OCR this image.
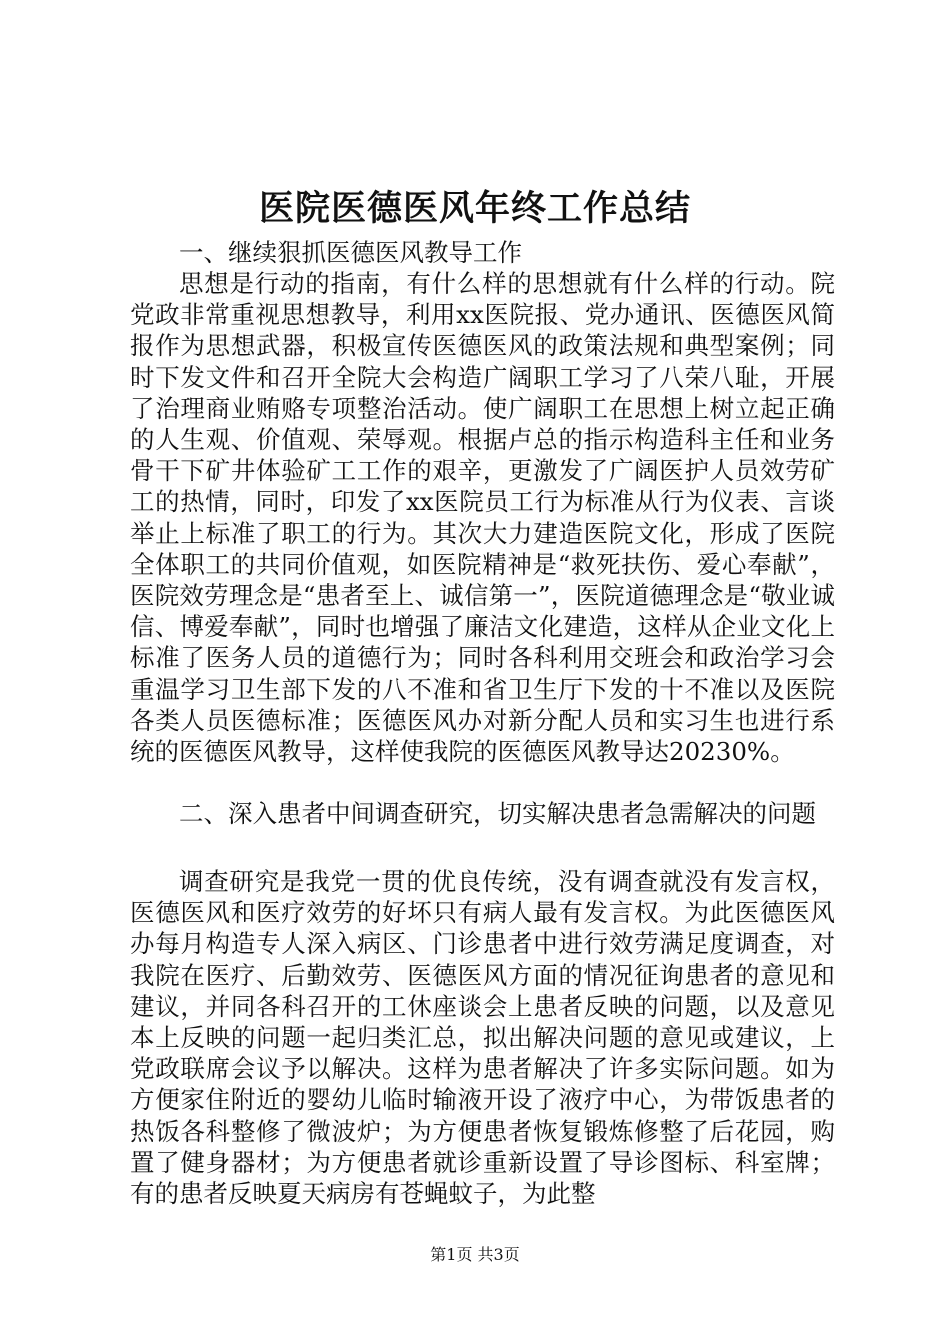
医院医德医风年终工作总结

一、继续狠抓医德医风教导工作

思想是行动的指南，有什么样的思想就有什么样的行动。院党政非常重视思想教导，利用xx医院报、党办通讯、医德医风简报作为思想武器，积极宣传医德医风的政策法规和典型案例；同时下发文件和召开全院大会构造广阔职工学习了八荣八耻，开展了治理商业贿赂专项整治活动。使广阔职工在思想上树立起正确的人生观、价值观、荣辱观。根据卢总的指示构造科主任和业务骨干下矿井体验矿工工作的艰辛，更激发了广阔医护人员效劳矿工的热情，同时，印发了xx医院员工行为标准从行为仪表、言谈举止上标准了职工的行为。其次大力建造医院文化，形成了医院全体职工的共同价值观，如医院精神是“救死扶伤、爱心奉献”，医院效劳理念是“患者至上、诚信第一”，医院道德理念是“敬业诚信、博爱奉献”，同时也增强了廉洁文化建造，这样从企业文化上标准了医务人员的道德行为；同时各科利用交班会和政治学习会重温学习卫生部下发的八不准和省卫生厅下发的十不准以及医院各类人员医德标准；医德医风办对新分配人员和实习生也进行系统的医德医风教导，这样使我院的医德医风教导达20230%。

二、深入患者中间调查研究，切实解决患者急需解决的问题

调查研究是我党一贯的优良传统，没有调查就没有发言权，医德医风和医疗效劳的好坏只有病人最有发言权。为此医德医风办每月构造专人深入病区、门诊患者中进行效劳满足度调查，对我院在医疗、后勤效劳、医德医风方面的情况征询患者的意见和建议，并同各科召开的工休座谈会上患者反映的问题，以及意见本上反映的问题一起归类汇总，拟出解决问题的意见或建议，上党政联席会议予以解决。这样为患者解决了许多实际问题。如为方便家住附近的婴幼儿临时输液开设了液疗中心，为带饭患者的热饭各科整修了微波炉；为方便患者恢复锻炼修整了后花园，购置了健身器材；为方便患者就诊重新设置了导诊图标、科室牌；有的患者反映夏天病房有苍蝇蚊子，为此整

第1页 共3页
